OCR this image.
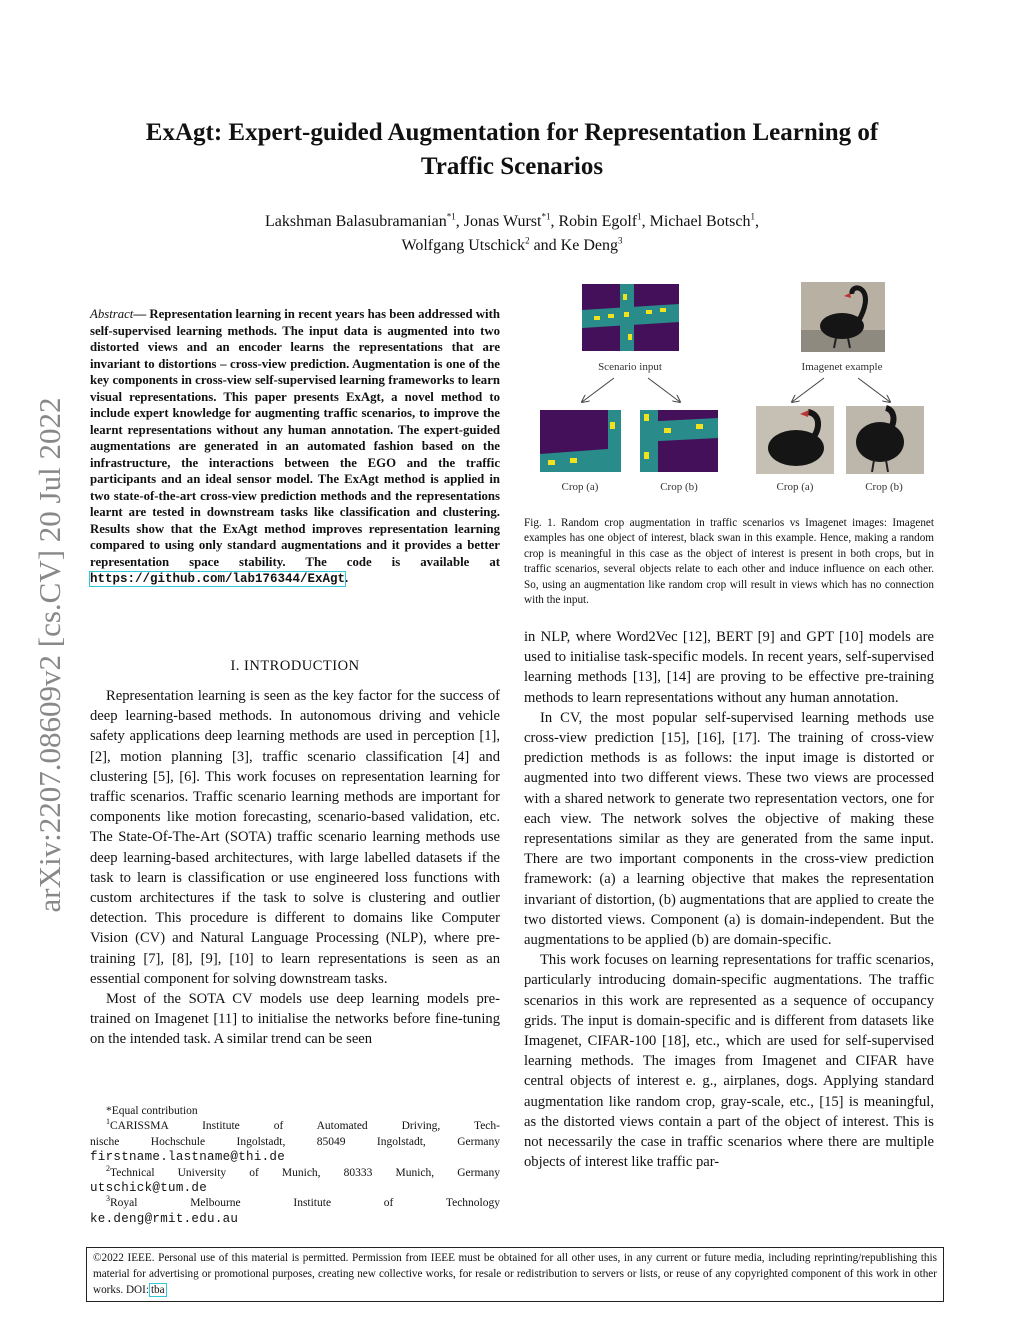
arXiv:2207.08609v2 [cs.CV] 20 Jul 2022
ExAgt: Expert-guided Augmentation for Representation Learning of
Traffic Scenarios
Lakshman Balasubramanian$^{*1}$, Jonas Wurst$^{*1}$, Robin Egolf$^1$, Michael Botsch$^1$,
Wolfgang Utschick$^2$ and Ke Deng$^3$
Abstract— Representation learning in recent years has been addressed with self-supervised learning methods. The input data is augmented into two distorted views and an encoder learns the representations that are invariant to distortions – cross-view prediction. Augmentation is one of the key components in cross-view self-supervised learning frameworks to learn visual representations. This paper presents ExAgt, a novel method to include expert knowledge for augmenting traffic scenarios, to improve the learnt representations without any human annotation. The expert-guided augmentations are generated in an automated fashion based on the infrastructure, the interactions between the EGO and the traffic participants and an ideal sensor model. The ExAgt method is applied in two state-of-the-art cross-view prediction methods and the representations learnt are tested in downstream tasks like classification and clustering. Results show that the ExAgt method improves representation learning compared to using only standard augmentations and it provides a better representation space stability. The code is available at https://github.com/lab176344/ExAgt.
I. INTRODUCTION

Representation learning is seen as the key factor for the success of deep learning-based methods. In autonomous driving and vehicle safety applications deep learning methods are used in perception [1], [2], motion planning [3], traffic scenario classification [4] and clustering [5], [6]. This work focuses on representation learning for traffic scenarios. Traffic scenario learning methods are important for components like motion forecasting, scenario-based validation, etc. The State-Of-The-Art (SOTA) traffic scenario learning methods use deep learning-based architectures, with large labelled datasets if the task to learn is classification or use engineered loss functions with custom architectures if the task to solve is clustering and outlier detection. This procedure is different to domains like Computer Vision (CV) and Natural Language Processing (NLP), where pre-training [7], [8], [9], [10] to learn representations is seen as an essential component for solving downstream tasks.

Most of the SOTA CV models use deep learning models pre-trained on Imagenet [11] to initialise the networks before fine-tuning on the intended task. A similar trend can be seen

*Equal contribution
$^1$CARISSMA Institute of Automated Driving, Tech-
nische Hochschule Ingolstadt, 85049 Ingolstadt, Germany
firstname.lastname@thi.de
$^2$Technical University of Munich, 80333 Munich, Germany
utschick@tum.de
$^3$Royal Melbourne Institute of Technology
ke.deng@rmit.edu.au
Scenario input	Imagenet example
Crop (a)	Crop (b)	Crop (a)	Crop (b)
Fig. 1. Random crop augmentation in traffic scenarios vs Imagenet images: Imagenet examples has one object of interest, black swan in this example. Hence, making a random crop is meaningful in this case as the object of interest is present in both crops, but in traffic scenarios, several objects relate to each other and induce influence on each other. So, using an augmentation like random crop will result in views which has no connection with the input.

in NLP, where Word2Vec [12], BERT [9] and GPT [10] models are used to initialise task-specific models. In recent years, self-supervised learning methods [13], [14] are proving to be effective pre-training methods to learn representations without any human annotation.

In CV, the most popular self-supervised learning methods use cross-view prediction [15], [16], [17]. The training of cross-view prediction methods is as follows: the input image is distorted or augmented into two different views. These two views are processed with a shared network to generate two representation vectors, one for each view. The network solves the objective of making these representations similar as they are generated from the same input. There are two important components in the cross-view prediction framework: (a) a learning objective that makes the representation invariant of distortion, (b) augmentations that are applied to create the two distorted views. Component (a) is domain-independent. But the augmentations to be applied (b) are domain-specific.

This work focuses on learning representations for traffic scenarios, particularly introducing domain-specific augmentations. The traffic scenarios in this work are represented as a sequence of occupancy grids. The input is domain-specific and is different from datasets like Imagenet, CIFAR-100 [18], etc., which are used for self-supervised learning methods. The images from Imagenet and CIFAR have central objects of interest e. g., airplanes, dogs. Applying standard augmentation like random crop, gray-scale, etc., [15] is meaningful, as the distorted views contain a part of the object of interest. This is not necessarily the case in traffic scenarios where there are multiple objects of interest like traffic par-

©2022 IEEE. Personal use of this material is permitted. Permission from IEEE must be obtained for all other uses, in any current or future media, including reprinting/republishing this material for advertising or promotional purposes, creating new collective works, for resale or redistribution to servers or lists, or reuse of any copyrighted component of this work in other works. DOI: tba
